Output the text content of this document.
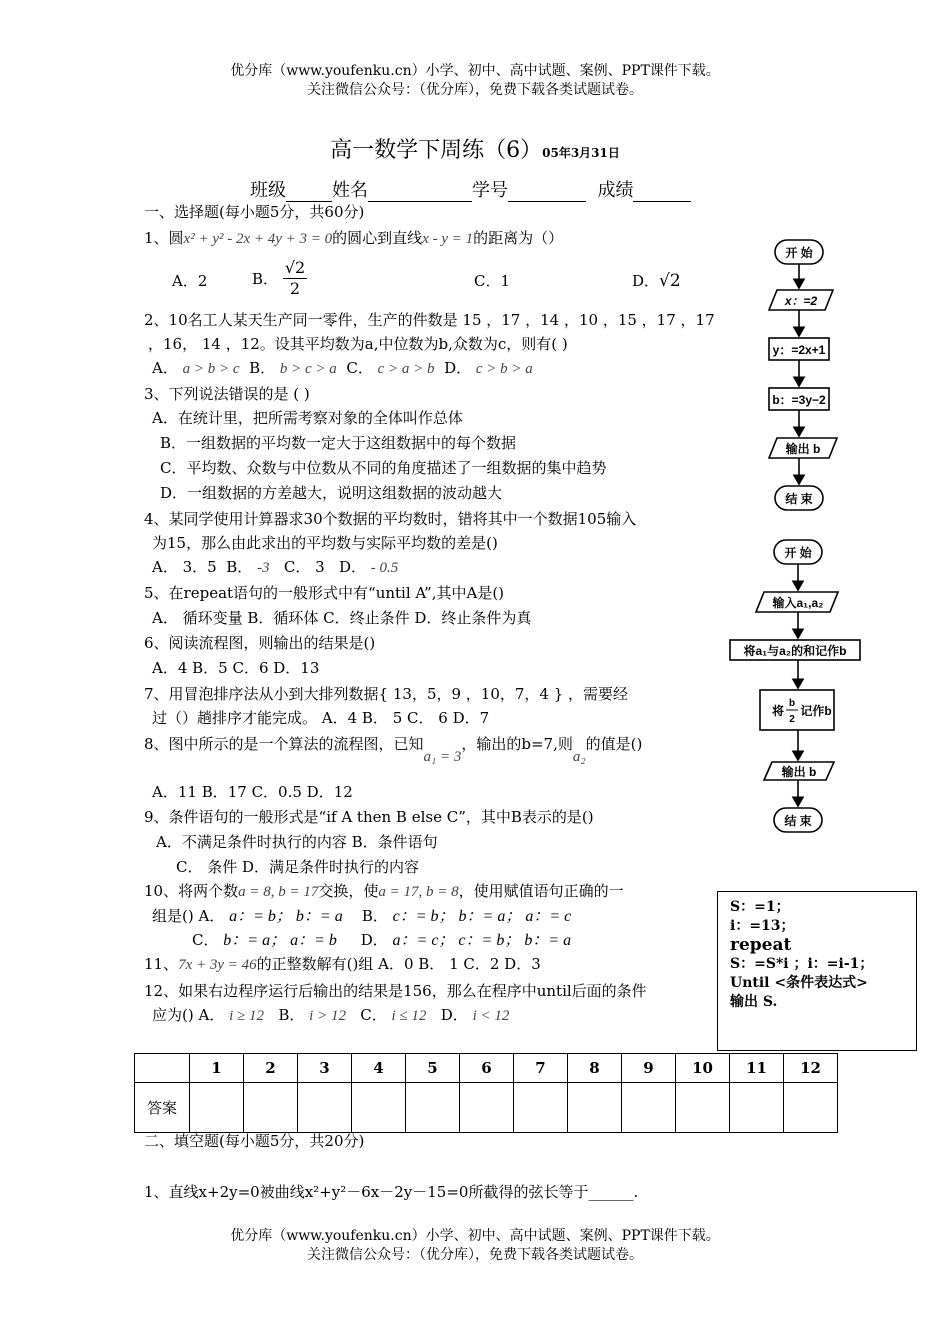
优分库（www.youfenku.cn）小学、初中、高中试题、案例、PPT课件下载。
关注微信公众号：（优分库），免费下载各类试题试卷。
高一数学下周练（6）05年3月31日
班级	姓名	学号	成绩
一、选择题(每小题5分，共60分)
1、圆x² + y² - 2x + 4y + 3 = 0的圆心到直线x - y = 1的距离为（）
A．2	B． $\frac{√2}{2}$	C．1	D．√2
2、10名工人某天生产同一零件，生产的件数是 15 ，17 ，14 ，10 ，15 ，17 ，17
，16， 14 ，12。设其平均数为a,中位数为b,众数为c，则有( )
A． a > b > c B． b > c > a C． c > a > b D． c > b > a
3、下列说法错误的是 ( )
A．在统计里，把所需考察对象的全体叫作总体
B．一组数据的平均数一定大于这组数据中的每个数据
C．平均数、众数与中位数从不同的角度描述了一组数据的集中趋势
D．一组数据的方差越大，说明这组数据的波动越大
4、某同学使用计算器求30个数据的平均数时，错将其中一个数据105输入
为15，那么由此求出的平均数与实际平均数的差是()
A． 3．5 B． -3 C． 3 D． - 0.5
5、在repeat语句的一般形式中有“until A”,其中A是()
A． 循环变量 B．循环体 C．终止条件 D．终止条件为真
6、阅读流程图，则输出的结果是()
A．4 B．5 C．6 D．13
7、用冒泡排序法从小到大排列数据{ 13，5，9 ，10，7，4 } ，需要经
过（）趟排序才能完成。 A．4 B． 5 C． 6 D．7
8、图中所示的是一个算法的流程图，已知a₁ = 3，输出的b=7,则a₂的值是()
A．11 B．17 C．0.5 D．12
9、条件语句的一般形式是“if A then B else C”，其中B表示的是()
A．不满足条件时执行的内容 B．条件语句
C． 条件 D．满足条件时执行的内容
10、将两个数a = 8, b = 17交换，使a = 17, b = 8，使用赋值语句正确的一
组是() A． a：= b； b：= a B． c：= b； b：= a； a：= c
C． b：= a； a：= b D． a：= c； c：= b； b：= a
11、7x + 3y = 46的正整数解有()组 A．0 B． 1 C．2 D．3
12、如果右边程序运行后输出的结果是156，那么在程序中until后面的条件
应为() A． i ≥ 12 B． i > 12 C． i ≤ 12 D． i < 12
S：=1；
i：=13；
repeat
S：=S*i ；i：=i-1；
Until <条件表达式>
输出 S.
开 始
x：=2
y：=2x+1
b：=3y−2
输出 b
结 束
开 始
输入a₁,a₂
将a₁与a₂的和记作b
将
b
2
记作b
输出 b
结 束
	1	2	3	4	5	6	7	8	9	10	11	12
答案												
二、填空题(每小题5分，共20分)
1、直线x+2y=0被曲线x²+y²－6x－2y－15=0所截得的弦长等于______.
优分库（www.youfenku.cn）小学、初中、高中试题、案例、PPT课件下载。
关注微信公众号：（优分库），免费下载各类试题试卷。
